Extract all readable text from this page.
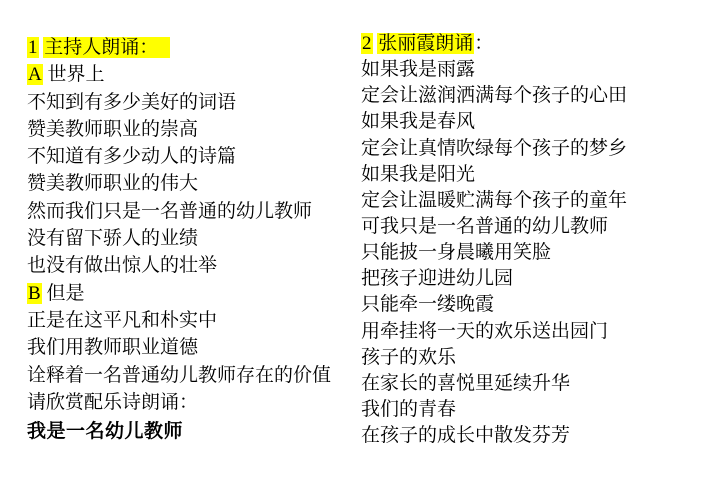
1 主持人朗诵：
A 世界上
不知到有多少美好的词语
赞美教师职业的崇高
不知道有多少动人的诗篇
赞美教师职业的伟大
然而我们只是一名普通的幼儿教师
没有留下骄人的业绩
也没有做出惊人的壮举
B 但是
正是在这平凡和朴实中
我们用教师职业道德
诠释着一名普通幼儿教师存在的价值
请欣赏配乐诗朗诵：
我是一名幼儿教师
2 张丽霞朗诵：
如果我是雨露
定会让滋润洒满每个孩子的心田
如果我是春风
定会让真情吹绿每个孩子的梦乡
如果我是阳光
定会让温暖贮满每个孩子的童年
可我只是一名普通的幼儿教师
只能披一身晨曦用笑脸
把孩子迎进幼儿园
只能牵一缕晚霞
用牵挂将一天的欢乐送出园门
孩子的欢乐
在家长的喜悦里延续升华
我们的青春
在孩子的成长中散发芬芳
